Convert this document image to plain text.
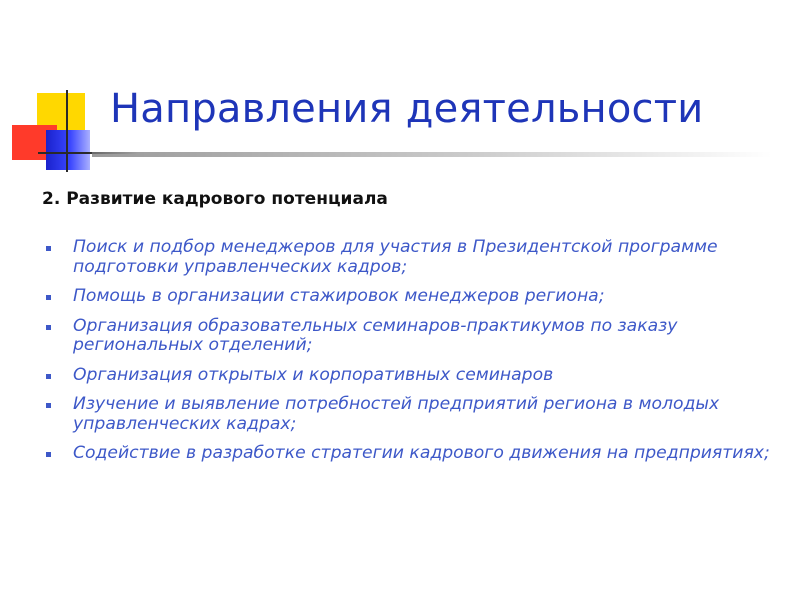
Направления деятельности
2. Развитие кадрового потенциала
Поиск и подбор менеджеров для участия в Президентской программе подготовки управленческих кадров;
Помощь в организации стажировок менеджеров региона;
Организация образовательных семинаров-практикумов по заказу региональных отделений;
Организация открытых и корпоративных семинаров
Изучение и выявление потребностей предприятий региона в молодых управленческих кадрах;
Содействие в разработке стратегии кадрового движения на предприятиях;
